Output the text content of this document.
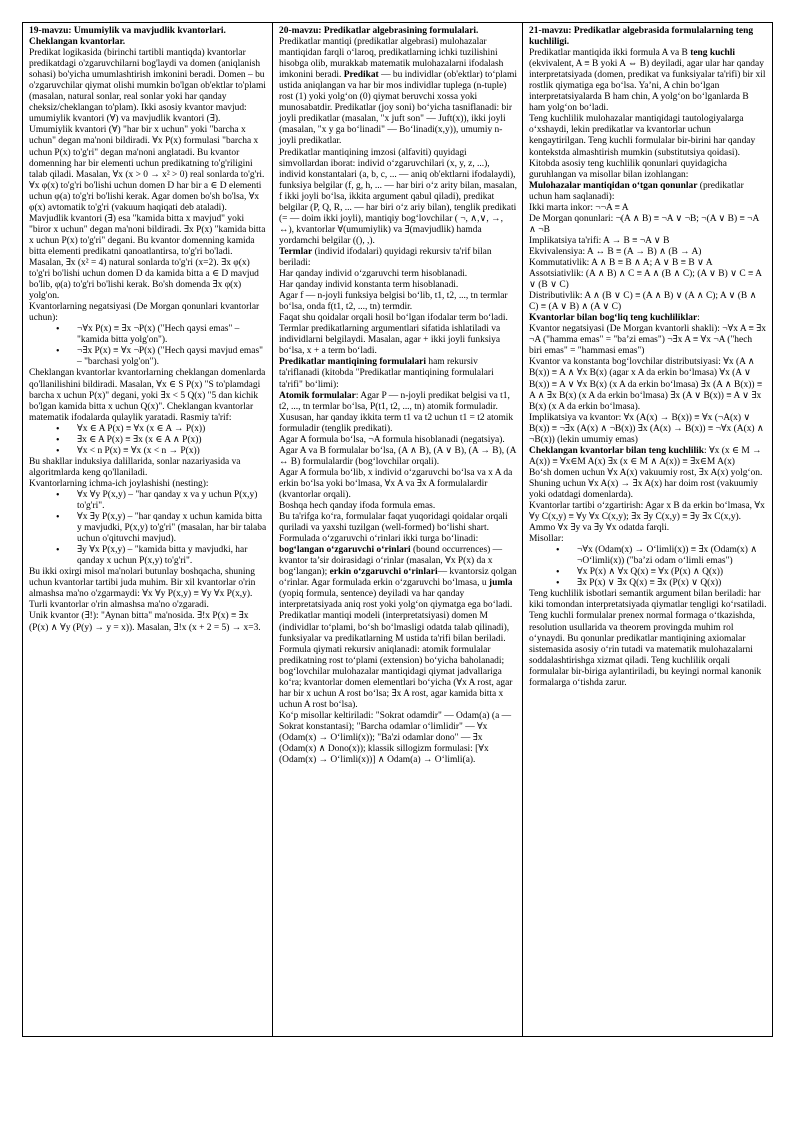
19-mavzu: Umumiylik va mavjudlik kvantorlari. Cheklangan kvantorlar.

Predikat logikasida (birinchi tartibli mantiqda) kvantorlar predikatdagi o'zgaruvchilarni bog'laydi va domen (aniqlanish sohasi) bo'yicha umumlashtirish imkonini beradi. Domen – bu o'zgaruvchilar qiymat olishi mumkin bo'lgan ob'ektlar to'plami (masalan, natural sonlar, real sonlar yoki har qanday cheksiz/cheklangan to'plam). Ikki asosiy kvantor mavjud: umumiylik kvantori (∀) va mavjudlik kvantori (∃).

Umumiylik kvantori (∀) "har bir x uchun" yoki "barcha x uchun" degan ma'noni bildiradi. ∀x P(x) formulasi "barcha x uchun P(x) to'g'ri" degan ma'noni anglatadi. Bu kvantor domenning har bir elementi uchun predikatning to'g'riligini talab qiladi. Masalan, ∀x (x > 0 → x² > 0) real sonlarda to'g'ri. ∀x φ(x) to'g'ri bo'lishi uchun domen D har bir a ∈ D elementi uchun φ(a) to'g'ri bo'lishi kerak. Agar domen bo'sh bo'lsa, ∀x φ(x) avtomatik to'g'ri (vakuum haqiqati deb ataladi).

Mavjudlik kvantori (∃) esa "kamida bitta x mavjud" yoki "biror x uchun" degan ma'noni bildiradi. ∃x P(x) "kamida bitta x uchun P(x) to'g'ri" degani. Bu kvantor domenning kamida bitta elementi predikatni qanoatlantirsa, to'g'ri bo'ladi. Masalan, ∃x (x² = 4) natural sonlarda to'g'ri (x=2). ∃x φ(x) to'g'ri bo'lishi uchun domen D da kamida bitta a ∈ D mavjud bo'lib, φ(a) to'g'ri bo'lishi kerak. Bo'sh domenda ∃x φ(x) yolg'on.

Kvantorlarning negatsiyasi (De Morgan qonunlari kvantorlar uchun):

• ¬∀x P(x) ≡ ∃x ¬P(x) ("Hech qaysi emas" – "kamida bitta yolg'on").
• ¬∃x P(x) ≡ ∀x ¬P(x) ("Hech qaysi mavjud emas" – "barchasi yolg'on").

Cheklangan kvantorlar kvantorlarning cheklangan domenlarda qo'llanilishini bildiradi. Masalan, ∀x ∈ S P(x) "S to'plamdagi barcha x uchun P(x)" degani, yoki ∃x < 5 Q(x) "5 dan kichik bo'lgan kamida bitta x uchun Q(x)". Cheklangan kvantorlar matematik ifodalarda qulaylik yaratadi. Rasmiy ta'rif:

• ∀x ∈ A P(x) ≡ ∀x (x ∈ A → P(x))
• ∃x ∈ A P(x) ≡ ∃x (x ∈ A ∧ P(x))
• ∀x < n P(x) ≡ ∀x (x < n → P(x))

Bu shakllar induksiya dalillarida, sonlar nazariyasida va algoritmlarda keng qo'llaniladi.

Kvantorlarning ichma-ich joylashishi (nesting):

• ∀x ∀y P(x,y) – "har qanday x va y uchun P(x,y) to'g'ri".
• ∀x ∃y P(x,y) – "har qanday x uchun kamida bitta y mavjudki, P(x,y) to'g'ri" (masalan, har bir talaba uchun o'qituvchi mavjud).
• ∃y ∀x P(x,y) – "kamida bitta y mavjudki, har qanday x uchun P(x,y) to'g'ri".

Bu ikki oxirgi misol ma'nolari butunlay boshqacha, shuning uchun kvantorlar tartibi juda muhim. Bir xil kvantorlar o'rin almashsa ma'no o'zgarmaydi: ∀x ∀y P(x,y) ≡ ∀y ∀x P(x,y). Turli kvantorlar o'rin almashsa ma'no o'zgaradi.

Unik kvantor (∃!): "Aynan bitta" ma'nosida. ∃!x P(x) ≡ ∃x (P(x) ∧ ∀y (P(y) → y = x)). Masalan, ∃!x (x + 2 = 5) → x=3.

20-mavzu: Predikatlar algebrasining formulalari.

Predikatlar mantiqi (predikatlar algebrasi) mulohazalar mantiqidan farqli o‘laroq, predikatlarning ichki tuzilishini hisobga olib, murakkab matematik mulohazalarni ifodalash imkonini beradi. Predikat — bu individlar (ob'ektlar) to‘plami ustida aniqlangan va har bir mos individlar tuplega (n-tuple) rost (1) yoki yolg‘on (0) qiymat beruvchi xossa yoki munosabatdir. Predikatlar (joy soni) bo‘yicha tasniflanadi: bir joyli predikatlar (masalan, "x juft son" — Juft(x)), ikki joyli (masalan, "x y ga bo‘linadi" — Bo‘linadi(x,y)), umumiy n-joyli predikatlar.

Predikatlar mantiqining imzosi (alfaviti) quyidagi simvollardan iborat: individ o‘zgaruvchilari (x, y, z, ...), individ konstantalari (a, b, c, ... — aniq ob'ektlarni ifodalaydi), funksiya belgilar (f, g, h, ... — har biri o‘z arity bilan, masalan, f ikki joyli bo‘lsa, ikkita argument qabul qiladi), predikat belgilar (P, Q, R, ... — har biri o‘z ariy bilan), tenglik predikati (= — doim ikki joyli), mantiqiy bog‘lovchilar ( ¬, ∧,∨, →, ↔), kvantorlar ∀(umumiylik) va ∃(mavjudlik) hamda yordamchi belgilar ((), ,).

Termlar (individ ifodalari) quyidagi rekursiv ta'rif bilan beriladi:

Har qanday individ o‘zgaruvchi term hisoblanadi.

Har qanday individ konstanta term hisoblanadi.

Agar f — n-joyli funksiya belgisi bo‘lib, t1, t2, ..., tn termlar bo‘lsa, onda f(t1, t2, ..., tn) termdir.

Faqat shu qoidalar orqali hosil bo‘lgan ifodalar term bo‘ladi.

Termlar predikatlarning argumentlari sifatida ishlatiladi va individlarni belgilaydi. Masalan, agar + ikki joyli funksiya bo‘lsa, x + a term bo‘ladi.

Predikatlar mantiqining formulalari ham rekursiv ta'riflanadi (kitobda "Predikatlar mantiqining formulalari ta'rifi" bo‘limi):

Atomik formulalar: Agar P — n-joyli predikat belgisi va t1, t2, ..., tn termlar bo‘lsa, P(t1, t2, ..., tn) atomik formuladir. Xususan, har qanday ikkita term t1 va t2 uchun t1 = t2 atomik formuladir (tenglik predikati).

Agar A formula bo‘lsa, ¬A formula hisoblanadi (negatsiya).

Agar A va B formulalar bo‘lsa, (A ∧ B), (A ∨ B), (A → B), (A ↔ B) formulalardir (bog‘lovchilar orqali).

Agar A formula bo‘lib, x individ o‘zgaruvchi bo‘lsa va x A da erkin bo‘lsa yoki bo‘lmasa, ∀x A va ∃x A formulalardir (kvantorlar orqali).

Boshqa hech qanday ifoda formula emas.

Bu ta'rifga ko‘ra, formulalar faqat yuqoridagi qoidalar orqali quriladi va yaxshi tuzilgan (well-formed) bo‘lishi shart. Formulada o‘zgaruvchi o‘rinlari ikki turga bo‘linadi: bog‘langan o‘zgaruvchi o‘rinlari (bound occurrences) — kvantor ta’sir doirasidagi o‘rinlar (masalan, ∀x P(x) da x bog‘langan); erkin o‘zgaruvchi o‘rinlari— kvantorsiz qolgan o‘rinlar. Agar formulada erkin o‘zgaruvchi bo‘lmasa, u jumla (yopiq formula, sentence) deyiladi va har qanday interpretatsiyada aniq rost yoki yolg‘on qiymatga ega bo‘ladi.

Predikatlar mantiqi modeli (interpretatsiyasi) domen M (individlar to‘plami, bo‘sh bo‘lmasligi odatda talab qilinadi), funksiyalar va predikatlarning M ustida ta'rifi bilan beriladi. Formula qiymati rekursiv aniqlanadi: atomik formulalar predikatning rost to‘plami (extension) bo‘yicha baholanadi; bog‘lovchilar mulohazalar mantiqidagi qiymat jadvallariga ko‘ra; kvantorlar domen elementlari bo‘yicha (∀x A rost, agar har bir x uchun A rost bo‘lsa; ∃x A rost, agar kamida bitta x uchun A rost bo‘lsa).

Ko‘p misollar keltiriladi: "Sokrat odamdir" — Odam(a) (a — Sokrat konstantasi); "Barcha odamlar o‘limlidir" — ∀x (Odam(x) → O‘limli(x)); "Ba'zi odamlar dono" — ∃x (Odam(x) ∧ Dono(x)); klassik sillogizm formulasi: [∀x (Odam(x) → O‘limli(x))] ∧ Odam(a) → O‘limli(a).

21-mavzu: Predikatlar algebrasida formulalarning teng kuchliligi.

Predikatlar mantiqida ikki formula A va B teng kuchli (ekvivalent, A ≡ B yoki A ⇔ B) deyiladi, agar ular har qanday interpretatsiyada (domen, predikat va funksiyalar ta'rifi) bir xil rostlik qiymatiga ega bo‘lsa. Ya’ni, A chin bo‘lgan interpretatsiyalarda B ham chin, A yolg‘on bo‘lganlarda B ham yolg‘on bo‘ladi.

Teng kuchlilik mulohazalar mantiqidagi tautologiyalarga o‘xshaydi, lekin predikatlar va kvantorlar uchun kengaytirilgan. Teng kuchli formulalar bir-birini har qanday kontekstda almashtirish mumkin (substitutsiya qoidasi).

Kitobda asosiy teng kuchlilik qonunlari quyidagicha guruhlangan va misollar bilan izohlangan:

Mulohazalar mantiqidan o‘tgan qonunlar (predikatlar uchun ham saqlanadi):

Ikki marta inkor: ¬¬A ≡ A

De Morgan qonunlari: ¬(A ∧ B) ≡ ¬A ∨ ¬B; ¬(A ∨ B) ≡ ¬A ∧ ¬B

Implikatsiya ta'rifi: A → B ≡ ¬A ∨ B

Ekvivalensiya: A ↔ B ≡ (A → B) ∧ (B → A)

Kommutativlik: A ∧ B ≡ B ∧ A; A ∨ B ≡ B ∨ A

Assotsiativlik: (A ∧ B) ∧ C ≡ A ∧ (B ∧ C); (A ∨ B) ∨ C ≡ A ∨ (B ∨ C)

Distributivlik: A ∧ (B ∨ C) ≡ (A ∧ B) ∨ (A ∧ C); A ∨ (B ∧ C) ≡ (A ∨ B) ∧ (A ∨ C)

Kvantorlar bilan bog‘liq teng kuchliliklar:

Kvantor negatsiyasi (De Morgan kvantorli shakli): ¬∀x A ≡ ∃x ¬A ("hamma emas" = "ba’zi emas") ¬∃x A ≡ ∀x ¬A ("hech biri emas" = "hammasi emas")

Kvantor va konstanta bog‘lovchilar distributsiyasi: ∀x (A ∧ B(x)) ≡ A ∧ ∀x B(x) (agar x A da erkin bo‘lmasa) ∀x (A ∨ B(x)) ≡ A ∨ ∀x B(x) (x A da erkin bo‘lmasa) ∃x (A ∧ B(x)) ≡ A ∧ ∃x B(x) (x A da erkin bo‘lmasa) ∃x (A ∨ B(x)) ≡ A ∨ ∃x B(x) (x A da erkin bo‘lmasa).

Implikatsiya va kvantor: ∀x (A(x) → B(x)) ≡ ∀x (¬A(x) ∨ B(x)) ≡ ¬∃x (A(x) ∧ ¬B(x)) ∃x (A(x) → B(x)) ≡ ¬∀x (A(x) ∧ ¬B(x)) (lekin umumiy emas)

Cheklangan kvantorlar bilan teng kuchlilik: ∀x (x ∈ M → A(x)) ≡ ∀x∈M A(x) ∃x (x ∈ M ∧ A(x)) ≡ ∃x∈M A(x)

Bo‘sh domen uchun ∀x A(x) vakuumiy rost, ∃x A(x) yolg‘on. Shuning uchun ∀x A(x) → ∃x A(x) har doim rost (vakuumiy yoki odatdagi domenlarda).

Kvantorlar tartibi o‘zgartirish: Agar x B da erkin bo‘lmasa, ∀x ∀y C(x,y) ≡ ∀y ∀x C(x,y); ∃x ∃y C(x,y) ≡ ∃y ∃x C(x,y). Ammo ∀x ∃y va ∃y ∀x odatda farqli.

Misollar:

• ¬∀x (Odam(x) → O‘limli(x)) ≡ ∃x (Odam(x) ∧ ¬O‘limli(x)) ("ba’zi odam o‘limli emas")
• ∀x P(x) ∧ ∀x Q(x) ≡ ∀x (P(x) ∧ Q(x))
• ∃x P(x) ∨ ∃x Q(x) ≡ ∃x (P(x) ∨ Q(x))

Teng kuchlilik isbotlari semantik argument bilan beriladi: har kiki tomondan interpretatsiyada qiymatlar tengligi ko‘rsatiladi. Teng kuchli formulalar prenex normal formaga o‘tkazishda, resolution usullarida va theorem provingda muhim rol o‘ynaydi. Bu qonunlar predikatlar mantiqining axiomalar sistemasida asosiy o‘rin tutadi va matematik mulohazalarni soddalashtirishga xizmat qiladi. Teng kuchlilik orqali formulalar bir-biriga aylantiriladi, bu keyingi normal kanonik formalarga o‘tishda zarur.
